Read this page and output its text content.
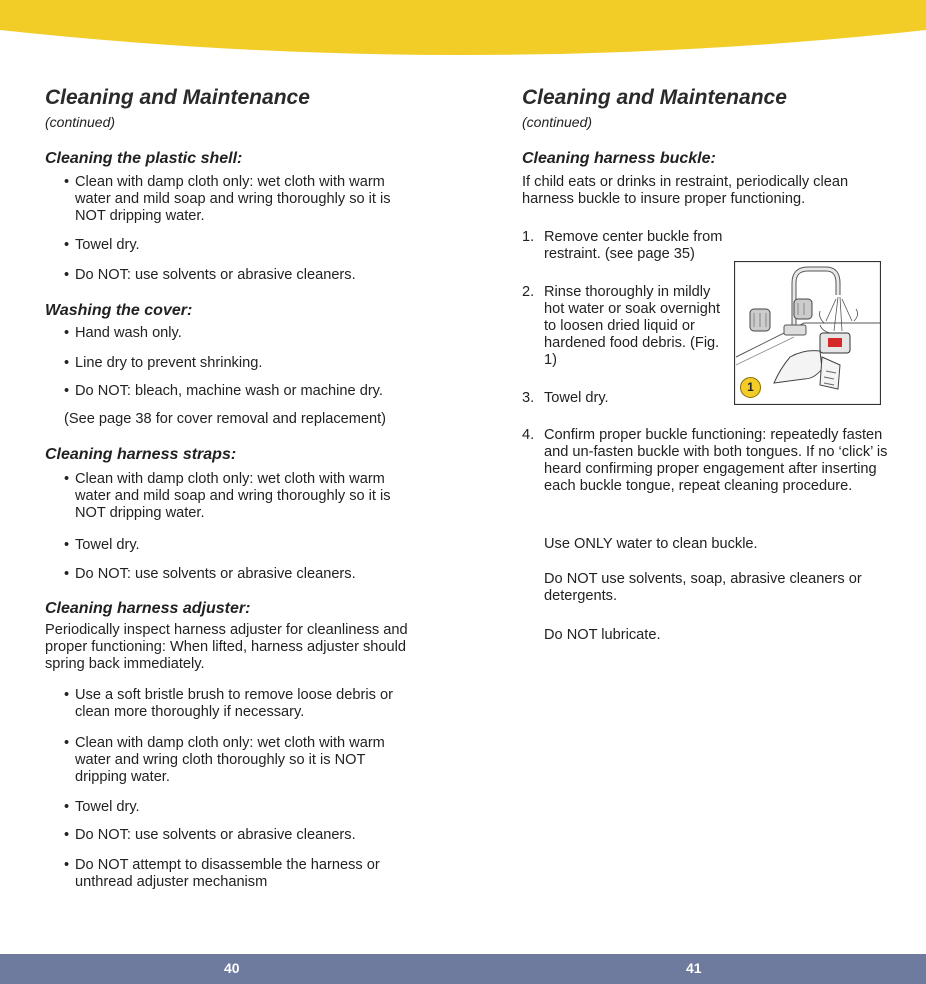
Cleaning and Maintenance
(continued)
Cleaning the plastic shell:
• Clean with damp cloth only: wet cloth with warm water and mild soap and wring thoroughly so it is NOT dripping water.
• Towel dry.
• Do NOT: use solvents or abrasive cleaners.
Washing the cover:
• Hand wash only.
• Line dry to prevent shrinking.
• Do NOT: bleach, machine wash or machine dry.
(See page 38 for cover removal and replacement)
Cleaning harness straps:
• Clean with damp cloth only: wet cloth with warm water and mild soap and wring thoroughly so it is NOT dripping water.
• Towel dry.
• Do NOT: use solvents or abrasive cleaners.
Cleaning harness adjuster:
Periodically inspect harness adjuster for cleanliness and proper functioning: When lifted, harness adjuster should spring back immediately.
• Use a soft bristle brush to remove loose debris or clean more thoroughly if necessary.
• Clean with damp cloth only: wet cloth with warm water and wring cloth thoroughly so it is NOT dripping water.
• Towel dry.
• Do NOT: use solvents or abrasive cleaners.
• Do NOT attempt to disassemble the harness or unthread adjuster mechanism
Cleaning and Maintenance
(continued)
Cleaning harness buckle:
If child eats or drinks in restraint, periodically clean harness buckle to insure proper functioning.
1. Remove center buckle from restraint. (see page 35)
2. Rinse thoroughly in mildly hot water or soak overnight to loosen dried liquid or hardened food debris. (Fig. 1)
3. Towel dry.
4. Confirm proper buckle functioning: repeatedly fasten and un-fasten buckle with both tongues. If no ‘click’ is heard confirming proper engagement after inserting each buckle tongue, repeat cleaning procedure.
Use ONLY water to clean buckle.
Do NOT use solvents, soap, abrasive cleaners or detergents.
Do NOT lubricate.
1
40	41
